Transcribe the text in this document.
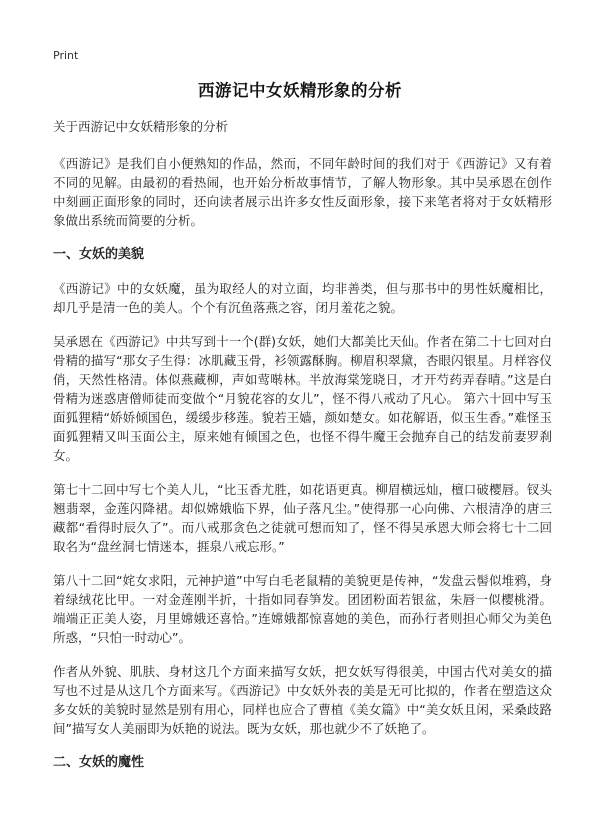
Print
西游记中女妖精形象的分析

关于西游记中女妖精形象的分析

《西游记》是我们自小便熟知的作品，然而，不同年龄时间的我们对于《西游记》又有着不同的见解。由最初的看热闹，也开始分析故事情节，了解人物形象。其中吴承恩在创作中刻画正面形象的同时，还向读者展示出许多女性反面形象，接下来笔者将对于女妖精形象做出系统而简要的分析。

一、女妖的美貌

《西游记》中的女妖魔，虽为取经人的对立面，均非善类，但与那书中的男性妖魔相比，却几乎是清一色的美人。个个有沉鱼落燕之容，闭月羞花之貌。

吴承恩在《西游记》中共写到十一个(群)女妖，她们大都美比天仙。作者在第二十七回对白骨精的描写“那女子生得：冰肌藏玉骨，衫领露酥胸。柳眉积翠黛，杏眼闪银星。月样容仪俏，天然性格清。体似燕藏柳，声如莺啭林。半放海棠笼晓日，才开芍药弄春晴。”这是白骨精为迷惑唐僧师徒而变做个“月貌花容的女儿”，怪不得八戒动了凡心。 第六十回中写玉面狐狸精“娇娇倾国色，缓缓步移莲。貌若王嫱，颜如楚女。如花解语，似玉生香。”难怪玉面狐狸精又叫玉面公主，原来她有倾国之色，也怪不得牛魔王会抛弃自己的结发前妻罗刹女。

第七十二回中写七个美人儿，“比玉香尤胜，如花语更真。柳眉横远灿，檀口破樱唇。钗头翘翡翠，金莲闪降裙。却似嫦娥临下界，仙子落凡尘。”使得那一心向佛、六根清净的唐三藏都“看得时辰久了”。而八戒那贪色之徒就可想而知了，怪不得吴承恩大师会将七十二回取名为“盘丝洞七情迷本，捱泉八戒忘形。”

第八十二回“姹女求阳，元神护道”中写白毛老鼠精的美貌更是传神，“发盘云髻似堆鸦，身着绿绒花比甲。一对金莲刚半折，十指如同春笋发。团团粉面若银盆，朱唇一似樱桃滑。端端正正美人姿，月里嫦娥还喜恰。”连嫦娥都惊喜她的美色，而孙行者则担心师父为美色所惑，“只怕一时动心”。

作者从外貌、肌肤、身材这几个方面来描写女妖，把女妖写得很美，中国古代对美女的描写也不过是从这几个方面来写。《西游记》中女妖外表的美是无可比拟的，作者在塑造这众多女妖的美貌时显然是别有用心，同样也应合了曹植《美女篇》中“美女妖且闲，采桑歧路间”描写女人美丽即为妖艳的说法。既为女妖，那也就少不了妖艳了。

二、女妖的魔性
